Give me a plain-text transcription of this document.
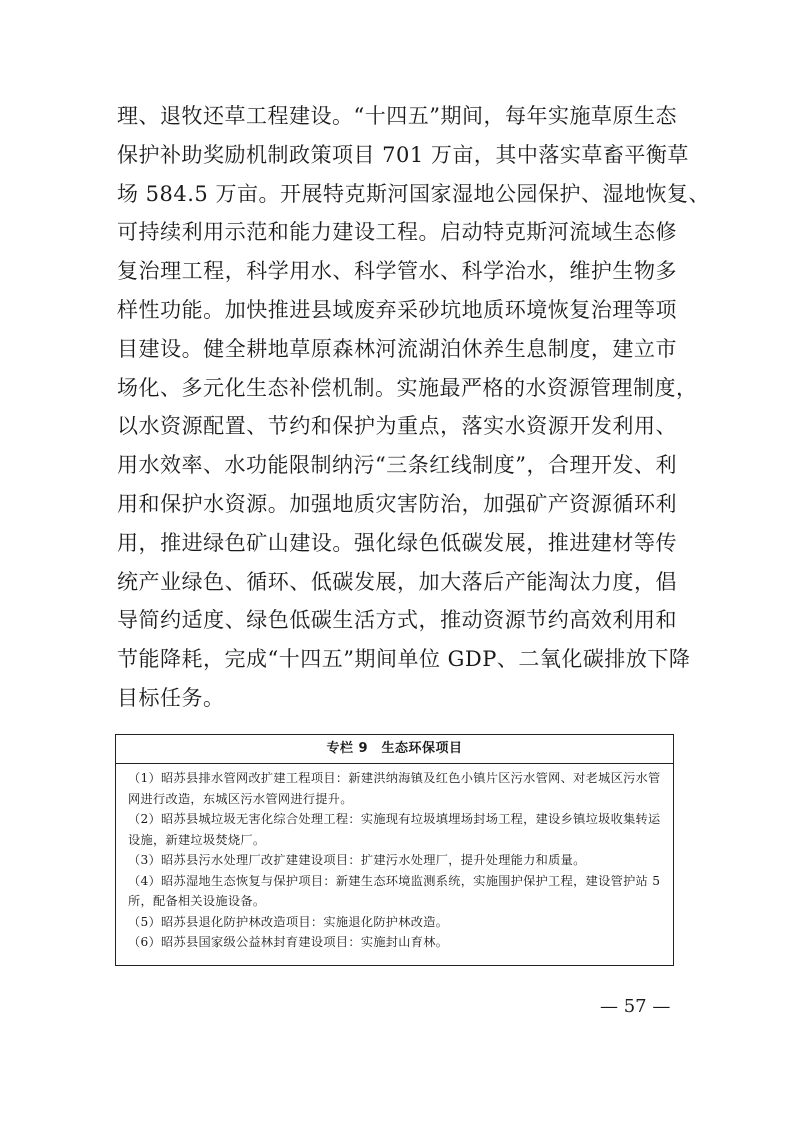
理、退牧还草工程建设。“十四五”期间，每年实施草原生态
保护补助奖励机制政策项目 701 万亩，其中落实草畜平衡草
场 584.5 万亩。开展特克斯河国家湿地公园保护、湿地恢复、
可持续利用示范和能力建设工程。启动特克斯河流域生态修
复治理工程，科学用水、科学管水、科学治水，维护生物多
样性功能。加快推进县域废弃采砂坑地质环境恢复治理等项
目建设。健全耕地草原森林河流湖泊休养生息制度，建立市
场化、多元化生态补偿机制。实施最严格的水资源管理制度，
以水资源配置、节约和保护为重点，落实水资源开发利用、
用水效率、水功能限制纳污“三条红线制度”，合理开发、利
用和保护水资源。加强地质灾害防治，加强矿产资源循环利
用，推进绿色矿山建设。强化绿色低碳发展，推进建材等传
统产业绿色、循环、低碳发展，加大落后产能淘汰力度，倡
导简约适度、绿色低碳生活方式，推动资源节约高效利用和
节能降耗，完成“十四五”期间单位 GDP、二氧化碳排放下降
目标任务。
专栏 9　生态环保项目

（1）昭苏县排水管网改扩建工程项目：新建洪纳海镇及红色小镇片区污水管网、对老城区污水管网进行改造，东城区污水管网进行提升。

（2）昭苏县城垃圾无害化综合处理工程：实施现有垃圾填埋场封场工程，建设乡镇垃圾收集转运设施，新建垃圾焚烧厂。

（3）昭苏县污水处理厂改扩建建设项目：扩建污水处理厂，提升处理能力和质量。

（4）昭苏湿地生态恢复与保护项目：新建生态环境监测系统，实施围护保护工程，建设管护站 5 所，配备相关设施设备。

（5）昭苏县退化防护林改造项目：实施退化防护林改造。

（6）昭苏县国家级公益林封育建设项目：实施封山育林。

— 57 —
